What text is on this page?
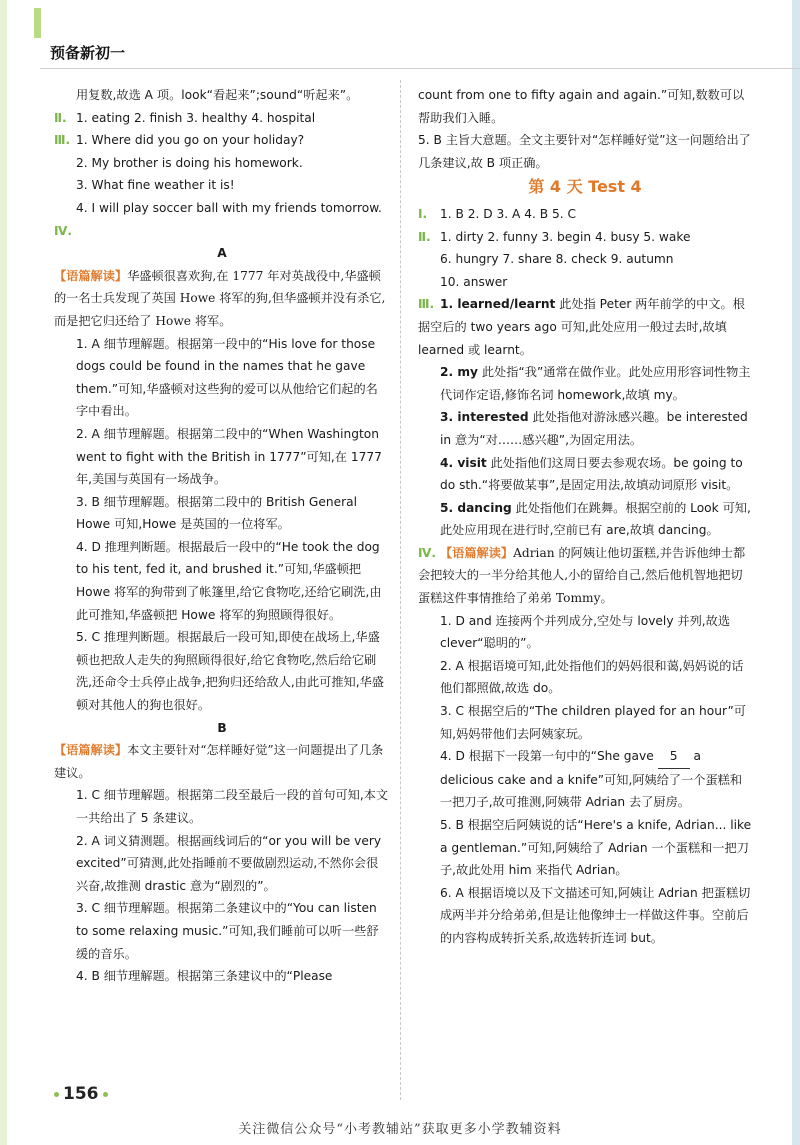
预备新初一

用复数,故选 A 项。look“看起来”;sound“听起来”。

Ⅱ. 1. eating 2. finish 3. healthy 4. hospital

Ⅲ. 1. Where did you go on your holiday?

2. My brother is doing his homework.

3. What fine weather it is!

4. I will play soccer ball with my friends tomorrow.

Ⅳ.

A

【语篇解读】华盛顿很喜欢狗,在 1777 年对英战役中,华盛顿的一名士兵发现了英国 Howe 将军的狗,但华盛顿并没有杀它,而是把它归还给了 Howe 将军。

1. A 细节理解题。根据第一段中的“His love for those dogs could be found in the names that he gave them.”可知,华盛顿对这些狗的爱可以从他给它们起的名字中看出。

2. A 细节理解题。根据第二段中的“When Washington went to fight with the British in 1777”可知,在 1777 年,美国与英国有一场战争。

3. B 细节理解题。根据第二段中的 British General Howe 可知,Howe 是英国的一位将军。

4. D 推理判断题。根据最后一段中的“He took the dog to his tent, fed it, and brushed it.”可知,华盛顿把 Howe 将军的狗带到了帐篷里,给它食物吃,还给它刷洗,由此可推知,华盛顿把 Howe 将军的狗照顾得很好。

5. C 推理判断题。根据最后一段可知,即使在战场上,华盛顿也把敌人走失的狗照顾得很好,给它食物吃,然后给它刷洗,还命令士兵停止战争,把狗归还给敌人,由此可推知,华盛顿对其他人的狗也很好。

B

【语篇解读】本文主要针对“怎样睡好觉”这一问题提出了几条建议。

1. C 细节理解题。根据第二段至最后一段的首句可知,本文一共给出了 5 条建议。

2. A 词义猜测题。根据画线词后的“or you will be very excited”可猜测,此处指睡前不要做剧烈运动,不然你会很兴奋,故推测 drastic 意为“剧烈的”。

3. C 细节理解题。根据第二条建议中的“You can listen to some relaxing music.”可知,我们睡前可以听一些舒缓的音乐。

4. B 细节理解题。根据第三条建议中的“Please

count from one to fifty again and again.”可知,数数可以帮助我们入睡。

5. B 主旨大意题。全文主要针对“怎样睡好觉”这一问题给出了几条建议,故 B 项正确。

第 4 天 Test 4

Ⅰ. 1. B 2. D 3. A 4. B 5. C

Ⅱ. 1. dirty 2. funny 3. begin 4. busy 5. wake

6. hungry 7. share 8. check 9. autumn

10. answer

Ⅲ. 1. learned/learnt 此处指 Peter 两年前学的中文。根据空后的 two years ago 可知,此处应用一般过去时,故填 learned 或 learnt。

2. my 此处指“我”通常在做作业。此处应用形容词性物主代词作定语,修饰名词 homework,故填 my。

3. interested 此处指他对游泳感兴趣。be interested in 意为“对……感兴趣”,为固定用法。

4. visit 此处指他们这周日要去参观农场。be going to do sth.“将要做某事”,是固定用法,故填动词原形 visit。

5. dancing 此处指他们在跳舞。根据空前的 Look 可知,此处应用现在进行时,空前已有 are,故填 dancing。

Ⅳ. 【语篇解读】Adrian 的阿姨让他切蛋糕,并告诉他绅士都会把较大的一半分给其他人,小的留给自己,然后他机智地把切蛋糕这件事情推给了弟弟 Tommy。

1. D and 连接两个并列成分,空处与 lovely 并列,故选 clever“聪明的”。

2. A 根据语境可知,此处指他们的妈妈很和蔼,妈妈说的话他们都照做,故选 do。

3. C 根据空后的“The children played for an hour”可知,妈妈带他们去阿姨家玩。

4. D 根据下一段第一句中的“She gave 5 a delicious cake and a knife”可知,阿姨给了一个蛋糕和一把刀子,故可推测,阿姨带 Adrian 去了厨房。

5. B 根据空后阿姨说的话“Here's a knife, Adrian... like a gentleman.”可知,阿姨给了 Adrian 一个蛋糕和一把刀子,故此处用 him 来指代 Adrian。

6. A 根据语境以及下文描述可知,阿姨让 Adrian 把蛋糕切成两半并分给弟弟,但是让他像绅士一样做这件事。空前后的内容构成转折关系,故选转折连词 but。

156
关注微信公众号“小考教辅站”获取更多小学教辅资料
